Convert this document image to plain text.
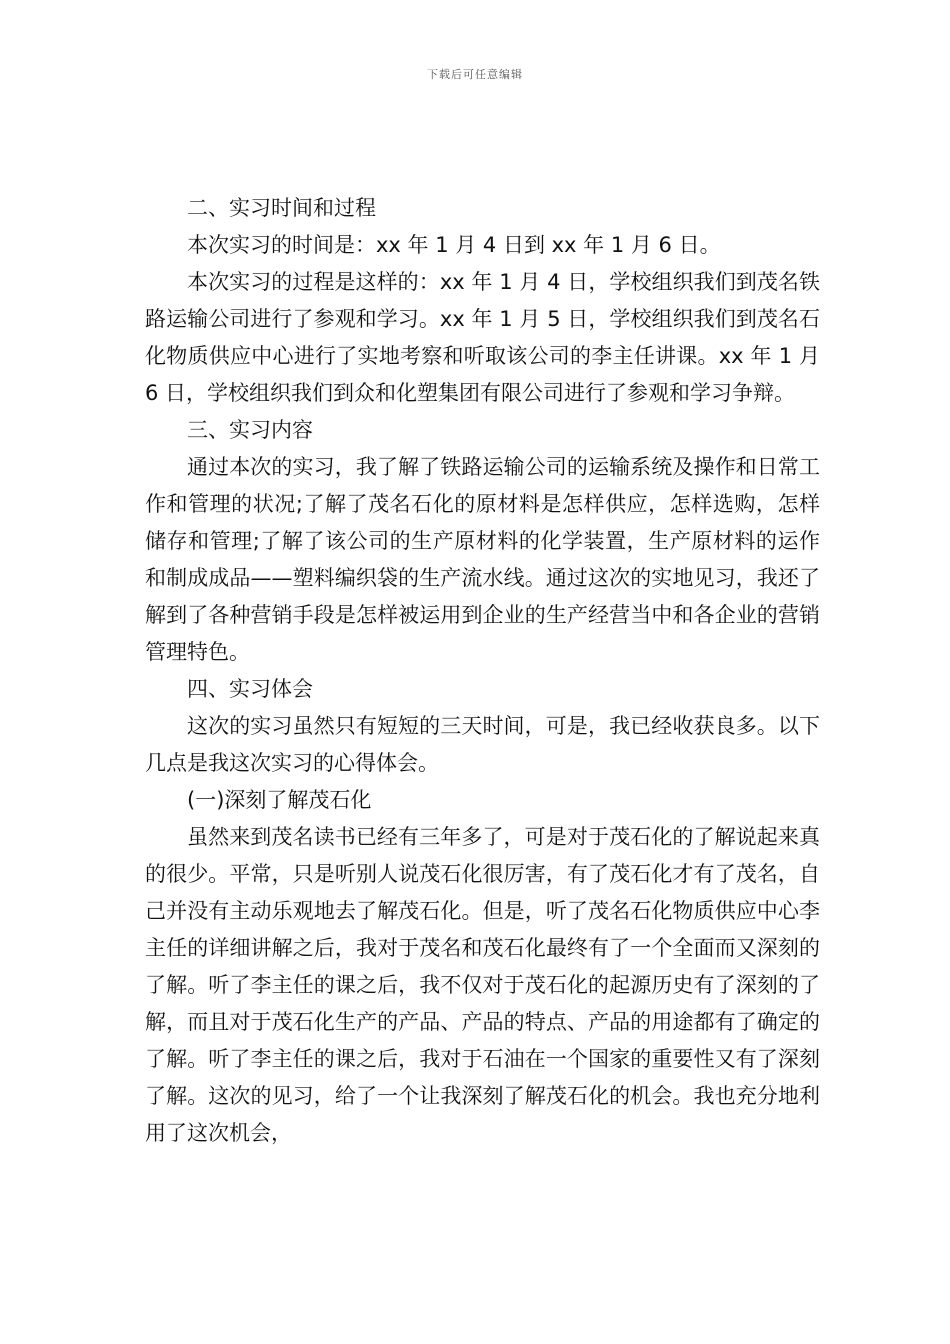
下载后可任意编辑

二、实习时间和过程

本次实习的时间是：xx 年 1 月 4 日到 xx 年 1 月 6 日。

本次实习的过程是这样的：xx 年 1 月 4 日，学校组织我们到茂名铁路运输公司进行了参观和学习。xx 年 1 月 5 日，学校组织我们到茂名石化物质供应中心进行了实地考察和听取该公司的李主任讲课。xx 年 1 月 6 日，学校组织我们到众和化塑集团有限公司进行了参观和学习争辩。

三、实习内容

通过本次的实习，我了解了铁路运输公司的运输系统及操作和日常工作和管理的状况;了解了茂名石化的原材料是怎样供应，怎样选购，怎样储存和管理;了解了该公司的生产原材料的化学装置，生产原材料的运作和制成成品——塑料编织袋的生产流水线。通过这次的实地见习，我还了解到了各种营销手段是怎样被运用到企业的生产经营当中和各企业的营销管理特色。

四、实习体会

这次的实习虽然只有短短的三天时间，可是，我已经收获良多。以下几点是我这次实习的心得体会。

(一)深刻了解茂石化

虽然来到茂名读书已经有三年多了，可是对于茂石化的了解说起来真的很少。平常，只是听别人说茂石化很厉害，有了茂石化才有了茂名，自己并没有主动乐观地去了解茂石化。但是，听了茂名石化物质供应中心李主任的详细讲解之后，我对于茂名和茂石化最终有了一个全面而又深刻的了解。听了李主任的课之后，我不仅对于茂石化的起源历史有了深刻的了解，而且对于茂石化生产的产品、产品的特点、产品的用途都有了确定的了解。听了李主任的课之后，我对于石油在一个国家的重要性又有了深刻了解。这次的见习，给了一个让我深刻了解茂石化的机会。我也充分地利用了这次机会，
